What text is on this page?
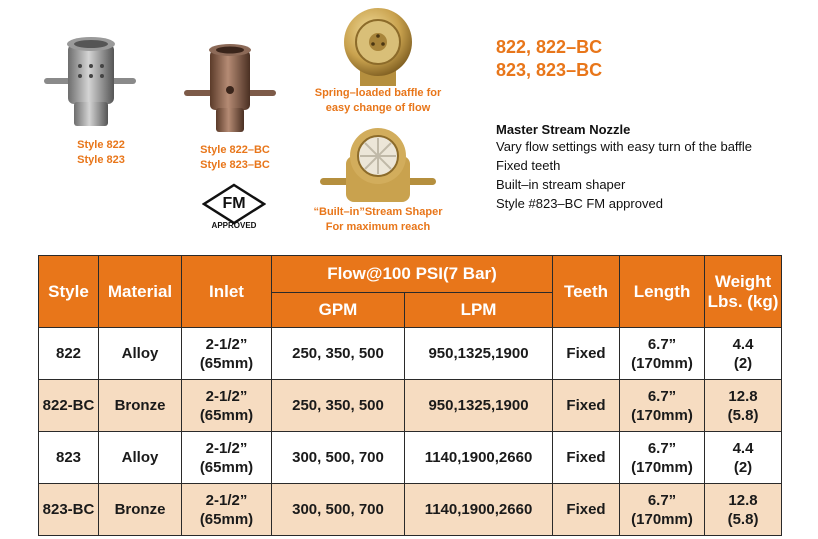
Style 822
Style 823
Style 822–BC
Style 823–BC
FM
APPROVED
Spring–loaded baffle for
easy change of flow
“Built–in”Stream Shaper
For maximum reach
822, 822–BC
823, 823–BC
Master Stream Nozzle
Vary flow settings with easy turn of the baffle
Fixed teeth
Built–in stream shaper
Style #823–BC FM approved
Style	Material	Inlet	Flow@100 PSI(7 Bar)		Teeth	Length	Weight
Lbs. (kg)

			GPM	LPM			
822	Alloy	2-1/2”
(65mm)	250, 350, 500	950,1325,1900	Fixed	6.7”
(170mm)	4.4
(2)

822-BC	Bronze	2-1/2”
(65mm)	250, 350, 500	950,1325,1900	Fixed	6.7”
(170mm)	12.8
(5.8)

823	Alloy	2-1/2”
(65mm)	300, 500, 700	1140,1900,2660	Fixed	6.7”
(170mm)	4.4
(2)

823-BC	Bronze	2-1/2”
(65mm)	300, 500, 700	1140,1900,2660	Fixed	6.7”
(170mm)	12.8
(5.8)
